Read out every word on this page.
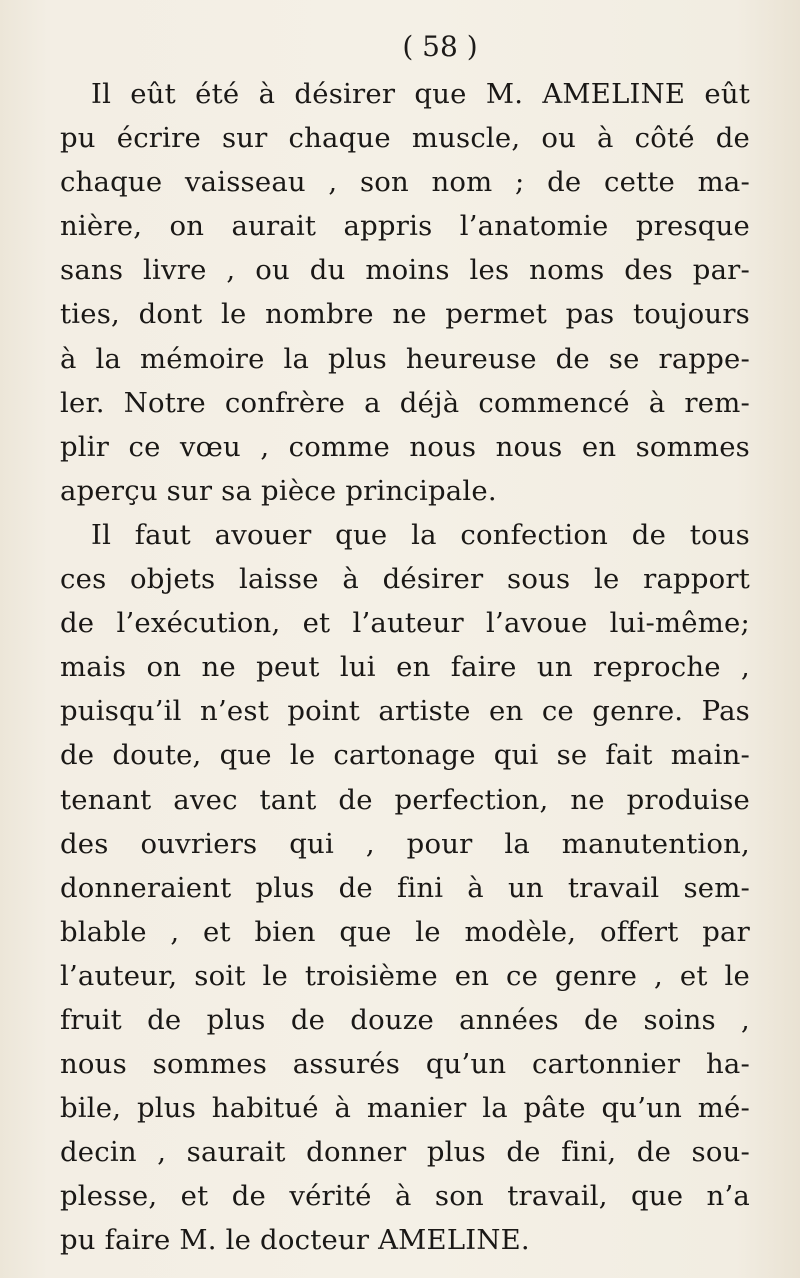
( 58 )
Il eût été à désirer que M. AMELINE eût
pu écrire sur chaque muscle, ou à côté de
chaque vaisseau , son nom ; de cette ma-
nière, on aurait appris l’anatomie presque
sans livre , ou du moins les noms des par-
ties, dont le nombre ne permet pas toujours
à la mémoire la plus heureuse de se rappe-
ler. Notre confrère a déjà commencé à rem-
plir ce vœu , comme nous nous en sommes
aperçu sur sa pièce principale.
Il faut avouer que la confection de tous
ces objets laisse à désirer sous le rapport
de l’exécution, et l’auteur l’avoue lui-même;
mais on ne peut lui en faire un reproche ,
puisqu’il n’est point artiste en ce genre. Pas
de doute, que le cartonage qui se fait main-
tenant avec tant de perfection, ne produise
des ouvriers qui , pour la manutention,
donneraient plus de fini à un travail sem-
blable , et bien que le modèle, offert par
l’auteur, soit le troisième en ce genre , et le
fruit de plus de douze années de soins ,
nous sommes assurés qu’un cartonnier ha-
bile, plus habitué à manier la pâte qu’un mé-
decin , saurait donner plus de fini, de sou-
plesse, et de vérité à son travail, que n’a
pu faire M. le docteur AMELINE.
